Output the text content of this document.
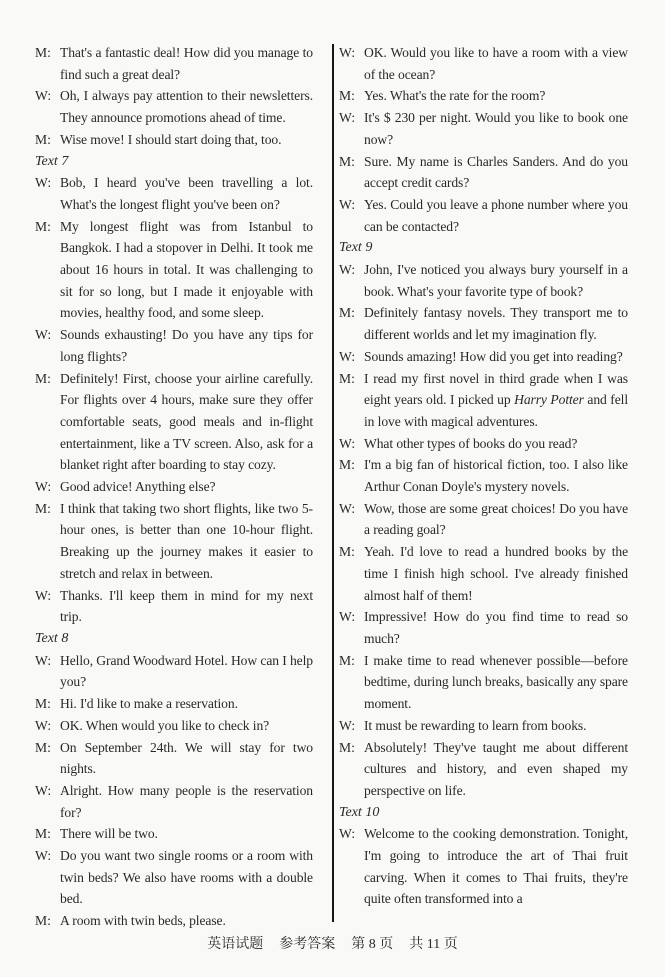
M: That's a fantastic deal! How did you manage to find such a great deal?

W: Oh, I always pay attention to their newsletters. They announce promotions ahead of time.

M: Wise move! I should start doing that, too.

Text 7

W: Bob, I heard you've been travelling a lot. What's the longest flight you've been on?

M: My longest flight was from Istanbul to Bangkok. I had a stopover in Delhi. It took me about 16 hours in total. It was challenging to sit for so long, but I made it enjoyable with movies, healthy food, and some sleep.

W: Sounds exhausting! Do you have any tips for long flights?

M: Definitely! First, choose your airline carefully. For flights over 4 hours, make sure they offer comfortable seats, good meals and in-flight entertainment, like a TV screen. Also, ask for a blanket right after boarding to stay cozy.

W: Good advice! Anything else?

M: I think that taking two short flights, like two 5-hour ones, is better than one 10-hour flight. Breaking up the journey makes it easier to stretch and relax in between.

W: Thanks. I'll keep them in mind for my next trip.

Text 8

W: Hello, Grand Woodward Hotel. How can I help you?

M: Hi. I'd like to make a reservation.

W: OK. When would you like to check in?

M: On September 24th. We will stay for two nights.

W: Alright. How many people is the reservation for?

M: There will be two.

W: Do you want two single rooms or a room with twin beds? We also have rooms with a double bed.

M: A room with twin beds, please.

W: OK. Would you like to have a room with a view of the ocean?

M: Yes. What's the rate for the room?

W: It's $ 230 per night. Would you like to book one now?

M: Sure. My name is Charles Sanders. And do you accept credit cards?

W: Yes. Could you leave a phone number where you can be contacted?

Text 9

W: John, I've noticed you always bury yourself in a book. What's your favorite type of book?

M: Definitely fantasy novels. They transport me to different worlds and let my imagination fly.

W: Sounds amazing! How did you get into reading?

M: I read my first novel in third grade when I was eight years old. I picked up Harry Potter and fell in love with magical adventures.

W: What other types of books do you read?

M: I'm a big fan of historical fiction, too. I also like Arthur Conan Doyle's mystery novels.

W: Wow, those are some great choices! Do you have a reading goal?

M: Yeah. I'd love to read a hundred books by the time I finish high school. I've already finished almost half of them!

W: Impressive! How do you find time to read so much?

M: I make time to read whenever possible—before bedtime, during lunch breaks, basically any spare moment.

W: It must be rewarding to learn from books.

M: Absolutely! They've taught me about different cultures and history, and even shaped my perspective on life.

Text 10

W: Welcome to the cooking demonstration. Tonight, I'm going to introduce the art of Thai fruit carving. When it comes to Thai fruits, they're quite often transformed into a

英语试题 参考答案 第 8 页 共 11 页
